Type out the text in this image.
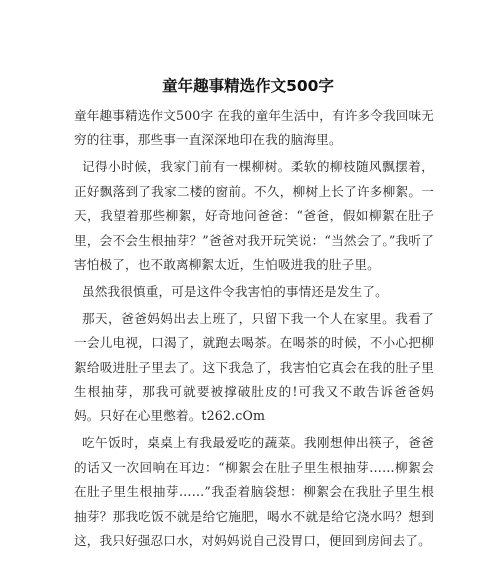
童年趣事精选作文500字

童年趣事精选作文500字 在我的童年生活中，有许多令我回味无穷的往事，那些事一直深深地印在我的脑海里。

记得小时候，我家门前有一棵柳树。柔软的柳枝随风飘摆着，正好飘落到了我家二楼的窗前。不久，柳树上长了许多柳絮。一天，我望着那些柳絮，好奇地问爸爸：“爸爸，假如柳絮在肚子里，会不会生根抽芽？”爸爸对我开玩笑说：“当然会了。”我听了害怕极了，也不敢离柳絮太近，生怕吸进我的肚子里。

虽然我很慎重，可是这件令我害怕的事情还是发生了。

那天，爸爸妈妈出去上班了，只留下我一个人在家里。我看了一会儿电视，口渴了，就跑去喝茶。在喝茶的时候，不小心把柳絮给吸进肚子里去了。这下我急了，我害怕它真会在我的肚子里生根抽芽，那我可就要被撑破肚皮的!可我又不敢告诉爸爸妈妈。只好在心里憋着。t262.cOm

吃午饭时，桌桌上有我最爱吃的蔬菜。我刚想伸出筷子，爸爸的话又一次回响在耳边：“柳絮会在肚子里生根抽芽……柳絮会在肚子里生根抽芽……”我歪着脑袋想：柳絮会在我肚子里生根抽芽？那我吃饭不就是给它施肥，喝水不就是给它浇水吗？想到这，我只好强忍口水，对妈妈说自己没胃口，便回到房间去了。
